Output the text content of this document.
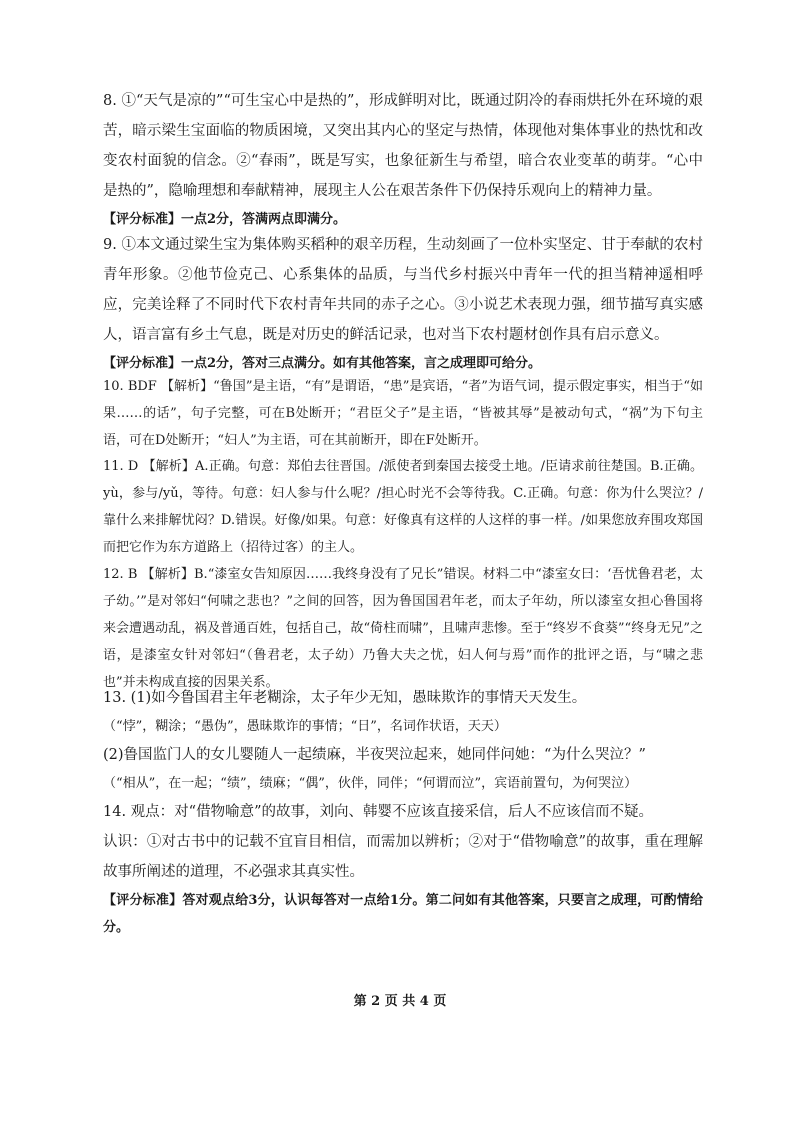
8. ①“天气是凉的”“可生宝心中是热的”，形成鲜明对比，既通过阴冷的春雨烘托外在环境的艰苦，暗示梁生宝面临的物质困境，又突出其内心的坚定与热情，体现他对集体事业的热忱和改变农村面貌的信念。②“春雨”，既是写实，也象征新生与希望，暗合农业变革的萌芽。“心中是热的”，隐喻理想和奉献精神，展现主人公在艰苦条件下仍保持乐观向上的精神力量。

【评分标准】一点2分，答满两点即满分。

9. ①本文通过梁生宝为集体购买稻种的艰辛历程，生动刻画了一位朴实坚定、甘于奉献的农村青年形象。②他节俭克己、心系集体的品质，与当代乡村振兴中青年一代的担当精神遥相呼应，完美诠释了不同时代下农村青年共同的赤子之心。③小说艺术表现力强，细节描写真实感人，语言富有乡土气息，既是对历史的鲜活记录，也对当下农村题材创作具有启示意义。

【评分标准】一点2分，答对三点满分。如有其他答案，言之成理即可给分。

10. BDF 【解析】“鲁国”是主语，“有”是谓语，“患”是宾语，“者”为语气词，提示假定事实，相当于“如果……的话”，句子完整，可在B处断开；“君臣父子”是主语，“皆被其辱”是被动句式，“祸”为下句主语，可在D处断开；“妇人”为主语，可在其前断开，即在F处断开。

11. D 【解析】A.正确。句意：郑伯去往晋国。/派使者到秦国去接受土地。/臣请求前往楚国。B.正确。yù，参与/yǔ，等待。句意：妇人参与什么呢？/担心时光不会等待我。C.正确。句意：你为什么哭泣？/靠什么来排解忧闷？D.错误。好像/如果。句意：好像真有这样的人这样的事一样。/如果您放弃围攻郑国而把它作为东方道路上（招待过客）的主人。

12. B 【解析】B.“漆室女告知原因……我终身没有了兄长”错误。材料二中“漆室女曰：‘吾忧鲁君老，太子幼。’”是对邻妇“何啸之悲也？”之间的回答，因为鲁国国君年老，而太子年幼，所以漆室女担心鲁国将来会遭遇动乱，祸及普通百姓，包括自己，故“倚柱而啸”，且啸声悲惨。至于“终岁不食葵”“终身无兄”之语，是漆室女针对邻妇“（鲁君老，太子幼）乃鲁大夫之忧，妇人何与焉”而作的批评之语，与“啸之悲也”并未构成直接的因果关系。

13. (1)如今鲁国君主年老糊涂，太子年少无知，愚昧欺诈的事情天天发生。

（“悖”，糊涂；“愚伪”，愚昧欺诈的事情；“日”，名词作状语，天天）

(2)鲁国监门人的女儿婴随人一起绩麻，半夜哭泣起来，她同伴问她：“为什么哭泣？”

（“相从”，在一起；“绩”，绩麻；“偶”，伙伴，同伴；“何谓而泣”，宾语前置句，为何哭泣）

14. 观点：对“借物喻意”的故事，刘向、韩婴不应该直接采信，后人不应该信而不疑。

认识：①对古书中的记载不宜盲目相信，而需加以辨析；②对于“借物喻意”的故事，重在理解故事所阐述的道理，不必强求其真实性。

【评分标准】答对观点给3分，认识每答对一点给1分。第二问如有其他答案，只要言之成理，可酌情给分。

第 2 页 共 4 页
